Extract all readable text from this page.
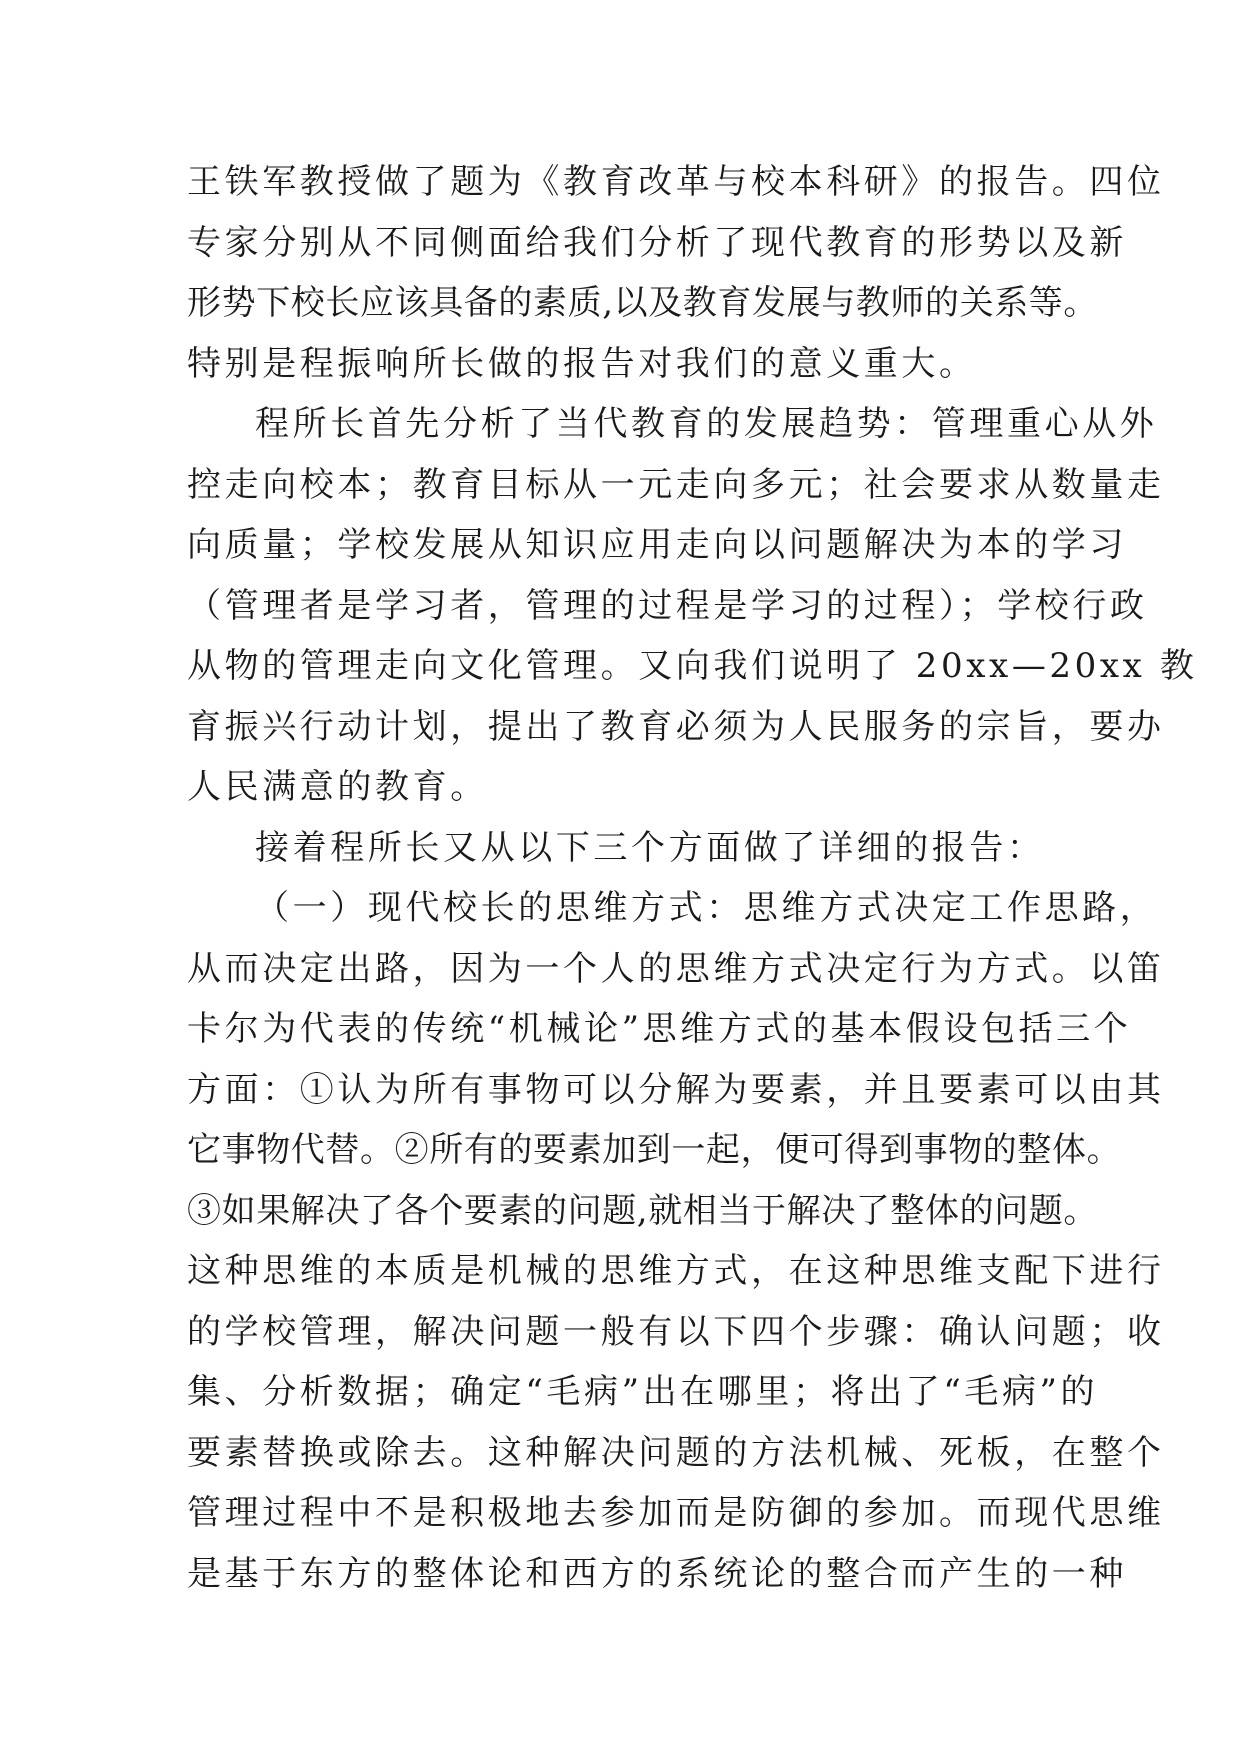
王铁军教授做了题为《教育改革与校本科研》的报告。四位
专家分别从不同侧面给我们分析了现代教育的形势以及新
形势下校长应该具备的素质,以及教育发展与教师的关系等。
特别是程振响所长做的报告对我们的意义重大。
程所长首先分析了当代教育的发展趋势：管理重心从外
控走向校本；教育目标从一元走向多元；社会要求从数量走
向质量；学校发展从知识应用走向以问题解决为本的学习
（管理者是学习者，管理的过程是学习的过程）；学校行政
从物的管理走向文化管理。又向我们说明了 20xx—20xx 教
育振兴行动计划，提出了教育必须为人民服务的宗旨，要办
人民满意的教育。
接着程所长又从以下三个方面做了详细的报告：
（一）现代校长的思维方式：思维方式决定工作思路，
从而决定出路，因为一个人的思维方式决定行为方式。以笛
卡尔为代表的传统“机械论”思维方式的基本假设包括三个
方面：①认为所有事物可以分解为要素，并且要素可以由其
它事物代替。②所有的要素加到一起，便可得到事物的整体。
③如果解决了各个要素的问题,就相当于解决了整体的问题。
这种思维的本质是机械的思维方式，在这种思维支配下进行
的学校管理，解决问题一般有以下四个步骤：确认问题；收
集、分析数据；确定“毛病”出在哪里；将出了“毛病”的
要素替换或除去。这种解决问题的方法机械、死板，在整个
管理过程中不是积极地去参加而是防御的参加。而现代思维
是基于东方的整体论和西方的系统论的整合而产生的一种
